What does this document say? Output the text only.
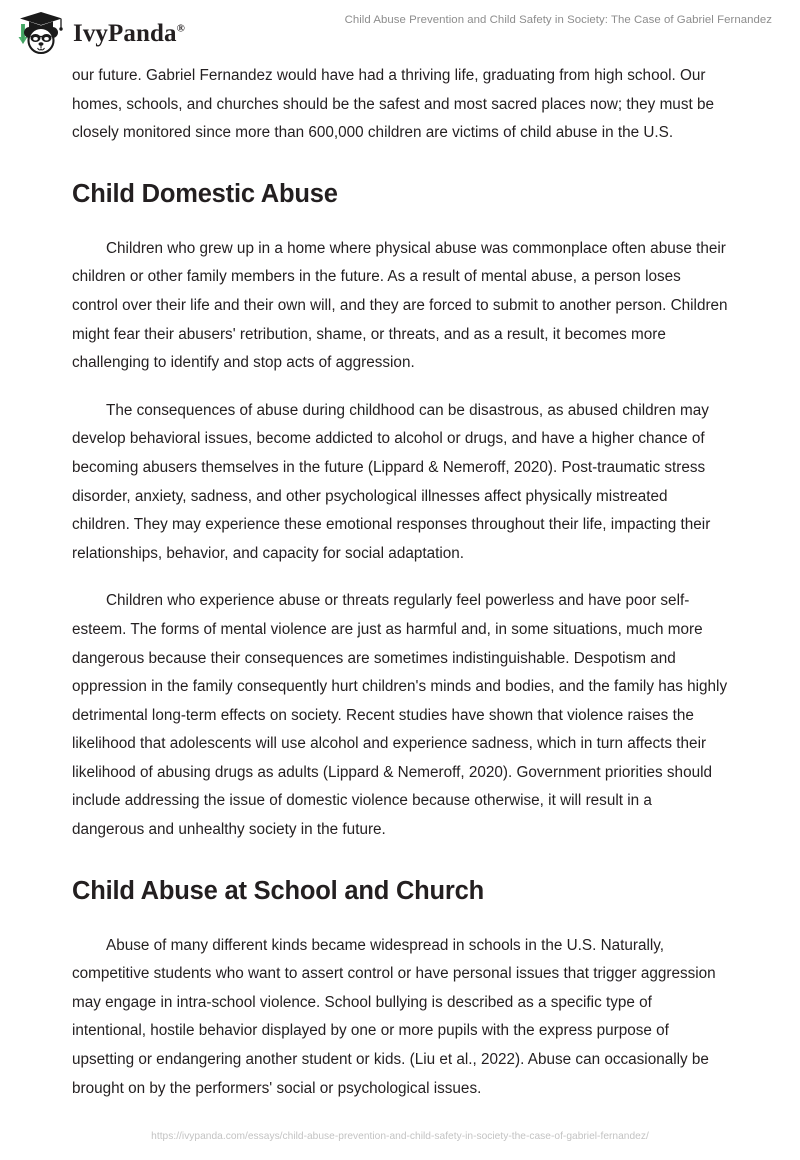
IvyPanda®
Child Abuse Prevention and Child Safety in Society: The Case of Gabriel Fernandez

our future. Gabriel Fernandez would have had a thriving life, graduating from high school. Our homes, schools, and churches should be the safest and most sacred places now; they must be closely monitored since more than 600,000 children are victims of child abuse in the U.S.

Child Domestic Abuse

Children who grew up in a home where physical abuse was commonplace often abuse their children or other family members in the future. As a result of mental abuse, a person loses control over their life and their own will, and they are forced to submit to another person. Children might fear their abusers' retribution, shame, or threats, and as a result, it becomes more challenging to identify and stop acts of aggression.

The consequences of abuse during childhood can be disastrous, as abused children may develop behavioral issues, become addicted to alcohol or drugs, and have a higher chance of becoming abusers themselves in the future (Lippard & Nemeroff, 2020). Post-traumatic stress disorder, anxiety, sadness, and other psychological illnesses affect physically mistreated children. They may experience these emotional responses throughout their life, impacting their relationships, behavior, and capacity for social adaptation.

Children who experience abuse or threats regularly feel powerless and have poor self-esteem. The forms of mental violence are just as harmful and, in some situations, much more dangerous because their consequences are sometimes indistinguishable. Despotism and oppression in the family consequently hurt children's minds and bodies, and the family has highly detrimental long-term effects on society. Recent studies have shown that violence raises the likelihood that adolescents will use alcohol and experience sadness, which in turn affects their likelihood of abusing drugs as adults (Lippard & Nemeroff, 2020). Government priorities should include addressing the issue of domestic violence because otherwise, it will result in a dangerous and unhealthy society in the future.

Child Abuse at School and Church

Abuse of many different kinds became widespread in schools in the U.S. Naturally, competitive students who want to assert control or have personal issues that trigger aggression may engage in intra-school violence. School bullying is described as a specific type of intentional, hostile behavior displayed by one or more pupils with the express purpose of upsetting or endangering another student or kids. (Liu et al., 2022). Abuse can occasionally be brought on by the performers' social or psychological issues.

https://ivypanda.com/essays/child-abuse-prevention-and-child-safety-in-society-the-case-of-gabriel-fernandez/
